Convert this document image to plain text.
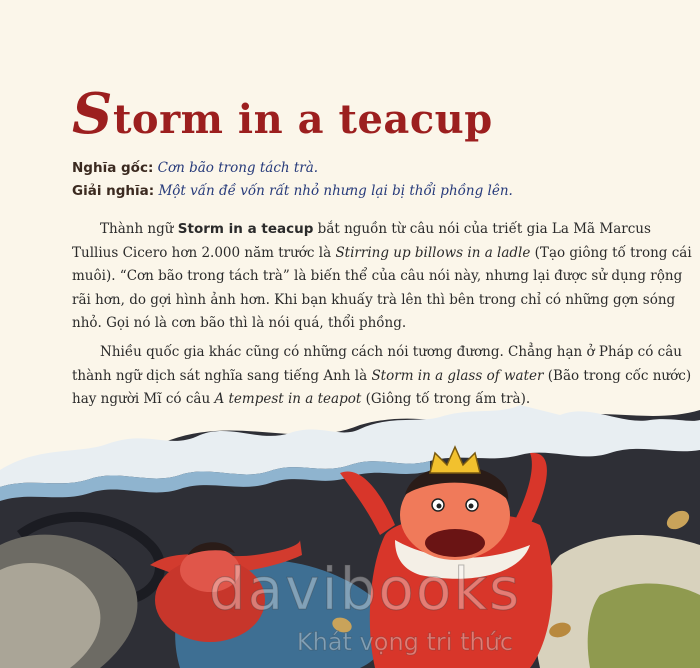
Storm in a teacup
Nghĩa gốc: Cơn bão trong tách trà.
Giải nghĩa: Một vấn đề vốn rất nhỏ nhưng lại bị thổi phồng lên.

Thành ngữ Storm in a teacup bắt nguồn từ câu nói của triết gia La Mã Marcus Tullius Cicero hơn 2.000 năm trước là Stirring up billows in a ladle (Tạo giông tố trong cái muôi). “Cơn bão trong tách trà” là biến thể của câu nói này, nhưng lại được sử dụng rộng rãi hơn, do gợi hình ảnh hơn. Khi bạn khuấy trà lên thì bên trong chỉ có những gợn sóng nhỏ. Gọi nó là cơn bão thì là nói quá, thổi phồng.

Nhiều quốc gia khác cũng có những cách nói tương đương. Chẳng hạn ở Pháp có câu thành ngữ dịch sát nghĩa sang tiếng Anh là Storm in a glass of water (Bão trong cốc nước) hay người Mĩ có câu A tempest in a teapot (Giông tố trong ấm trà).

davibooks
Khát vọng tri thức
